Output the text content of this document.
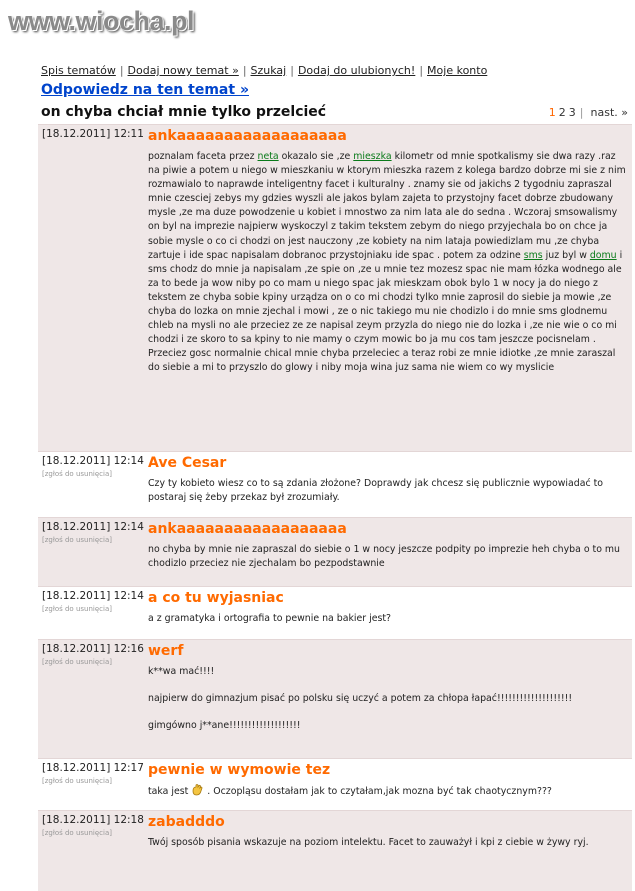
www.wiocha.pl
Spis tematów | Dodaj nowy temat » | Szukaj | Dodaj do ulubionych! | Moje konto
Odpowiedz na ten temat »
on chyba chciał mnie tylko przelcieć	1 2 3 | nast. »
[18.12.2011] 12:11 ankaaaaaaaaaaaaaaaaaa

poznalam faceta przez neta okazalo sie ,ze mieszka kilometr od mnie spotkalismy sie dwa razy .raz na piwie a potem u niego w mieszkaniu w ktorym mieszka razem z kolega bardzo dobrze mi sie z nim rozmawialo to naprawde inteligentny facet i kulturalny . znamy sie od jakichs 2 tygodniu zapraszal mnie czesciej zebys my gdzies wyszli ale jakos bylam zajeta to przystojny facet dobrze zbudowany mysle ,ze ma duze powodzenie u kobiet i mnostwo za nim lata ale do sedna . Wczoraj smsowalismy on byl na imprezie najpierw wyskoczyl z takim tekstem zebym do niego przyjechala bo on chce ja sobie mysle o co ci chodzi on jest nauczony ,ze kobiety na nim lataja powiedizlam mu ,ze chyba zartuje i ide spac napisalam dobranoc przystojniaku ide spac . potem za odzine sms juz byl w domu i sms chodz do mnie ja napisalam ,ze spie on ,ze u mnie tez mozesz spac nie mam łózka wodnego ale za to bede ja wow niby po co mam u niego spac jak mieskzam obok bylo 1 w nocy ja do niego z tekstem ze chyba sobie kpiny urządza on o co mi chodzi tylko mnie zaprosil do siebie ja mowie ,ze chyba do lozka on mnie zjechal i mowi , ze o nic takiego mu nie chodizlo i do mnie sms glodnemu chleb na mysli no ale przeciez ze ze napisal zeym przyzla do niego nie do lozka i ,ze nie wie o co mi chodzi i ze skoro to sa kpiny to nie mamy o czym mowic bo ja mu cos tam jeszcze pocisnelam . Przeciez gosc normalnie chical mnie chyba przeleciec a teraz robi ze mnie idiotke ,ze mnie zaraszal do siebie a mi to przyszlo do glowy i niby moja wina juz sama nie wiem co wy myslicie

[18.12.2011] 12:14
[zgłoś do usunięcia]
Ave Cesar

Czy ty kobieto wiesz co to są zdania złożone? Doprawdy jak chcesz się publicznie wypowiadać to postaraj się żeby przekaz był zrozumiały.

[18.12.2011] 12:14
[zgłoś do usunięcia]
ankaaaaaaaaaaaaaaaaaa

no chyba by mnie nie zapraszal do siebie o 1 w nocy jeszcze podpity po imprezie heh chyba o to mu chodizlo przeciez nie zjechalam bo pezpodstawnie

[18.12.2011] 12:14
[zgłoś do usunięcia]
a co tu wyjasniac

a z gramatyka i ortografia to pewnie na bakier jest?

[18.12.2011] 12:16
[zgłoś do usunięcia]
werf

k**wa mać!!!!

najpierw do gimnazjum pisać po polsku się uczyć a potem za chłopa łapać!!!!!!!!!!!!!!!!!!!!

gimgówno j**ane!!!!!!!!!!!!!!!!!!!

[18.12.2011] 12:17
[zgłoś do usunięcia]
pewnie w wymowie tez

taka jest  . Oczopląsu dostałam jak to czytałam,jak mozna być tak chaotycznym???

[18.12.2011] 12:18
[zgłoś do usunięcia]
zabadddo

Twój sposób pisania wskazuje na poziom intelektu. Facet to zauważył i kpi z ciebie w żywy ryj.
